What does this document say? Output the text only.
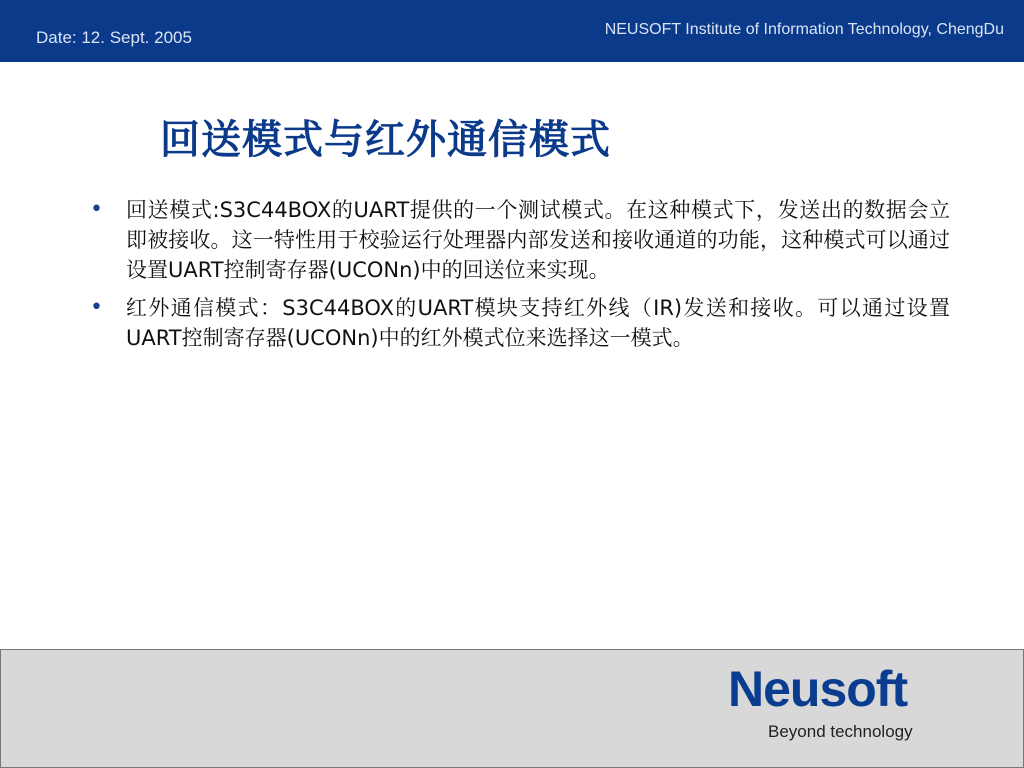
Date: 12. Sept. 2005	NEUSOFT Institute of Information Technology, ChengDu
回送模式与红外通信模式
• 回送模式:S3C44BOX的UART提供的一个测试模式。在这种模式下，发送出的数据会立即被接收。这一特性用于校验运行处理器内部发送和接收通道的功能，这种模式可以通过设置UART控制寄存器(UCONn)中的回送位来实现。
• 红外通信模式：S3C44BOX的UART模块支持红外线（IR)发送和接收。可以通过设置UART控制寄存器(UCONn)中的红外模式位来选择这一模式。
Neusoft
Beyond technology
